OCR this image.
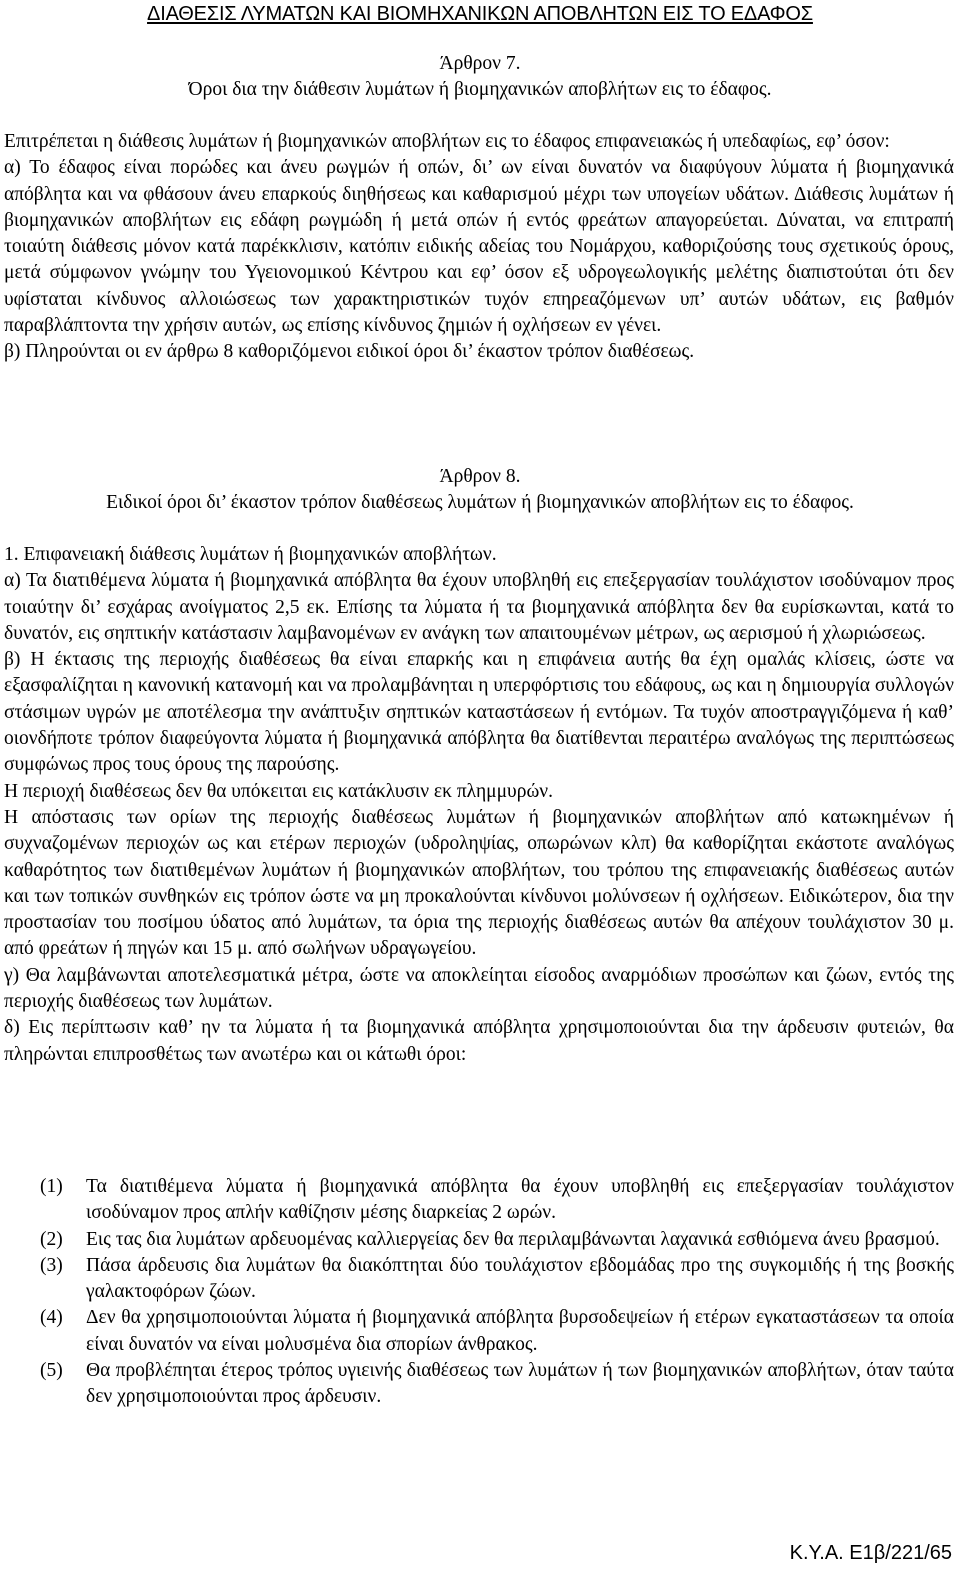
ΔΙΑΘΕΣΙΣ ΛΥΜΑΤΩΝ ΚΑΙ ΒΙΟΜΗΧΑΝΙΚΩΝ ΑΠΟΒΛΗΤΩΝ ΕΙΣ ΤΟ ΕΔΑΦΟΣ
Άρθρον 7.
Όροι δια την διάθεσιν λυμάτων ή βιομηχανικών αποβλήτων εις το έδαφος.

Επιτρέπεται η διάθεσις λυμάτων ή βιομηχανικών αποβλήτων εις το έδαφος επιφανειακώς ή υπεδαφίως, εφ’ όσον:

α) Το έδαφος είναι πορώδες και άνευ ρωγμών ή οπών, δι’ ων είναι δυνατόν να διαφύγουν λύματα ή βιομηχανικά απόβλητα και να φθάσουν άνευ επαρκούς διηθήσεως και καθαρισμού μέχρι των υπογείων υδάτων. Διάθεσις λυμάτων ή βιομηχανικών αποβλήτων εις εδάφη ρωγμώδη ή μετά οπών ή εντός φρεάτων απαγορεύεται. Δύναται, να επιτραπή τοιαύτη διάθεσις μόνον κατά παρέκκλισιν, κατόπιν ειδικής αδείας του Νομάρχου, καθοριζούσης τους σχετικούς όρους, μετά σύμφωνον γνώμην του Υγειονομικού Κέντρου και εφ’ όσον εξ υδρογεωλογικής μελέτης διαπιστούται ότι δεν υφίσταται κίνδυνος αλλοιώσεως των χαρακτηριστικών τυχόν επηρεαζόμενων υπ’ αυτών υδάτων, εις βαθμόν παραβλάπτοντα την χρήσιν αυτών, ως επίσης κίνδυνος ζημιών ή οχλήσεων εν γένει.

β) Πληρούνται οι εν άρθρω 8 καθοριζόμενοι ειδικοί όροι δι’ έκαστον τρόπον διαθέσεως.

Άρθρον 8.
Ειδικοί όροι δι’ έκαστον τρόπον διαθέσεως λυμάτων ή βιομηχανικών αποβλήτων εις το έδαφος.

1. Επιφανειακή διάθεσις λυμάτων ή βιομηχανικών αποβλήτων.

α) Τα διατιθέμενα λύματα ή βιομηχανικά απόβλητα θα έχουν υποβληθή εις επεξεργασίαν τουλάχιστον ισοδύναμον προς τοιαύτην δι’ εσχάρας ανοίγματος 2,5 εκ. Επίσης τα λύματα ή τα βιομηχανικά απόβλητα δεν θα ευρίσκωνται, κατά το δυνατόν, εις σηπτικήν κατάστασιν λαμβανομένων εν ανάγκη των απαιτουμένων μέτρων, ως αερισμού ή χλωριώσεως.

β) Η έκτασις της περιοχής διαθέσεως θα είναι επαρκής και η επιφάνεια αυτής θα έχη ομαλάς κλίσεις, ώστε να εξασφαλίζηται η κανονική κατανομή και να προλαμβάνηται η υπερφόρτισις του εδάφους, ως και η δημιουργία συλλογών στάσιμων υγρών με αποτέλεσμα την ανάπτυξιν σηπτικών καταστάσεων ή εντόμων. Τα τυχόν αποστραγγιζόμενα ή καθ’ οιονδήποτε τρόπον διαφεύγοντα λύματα ή βιομηχανικά απόβλητα θα διατίθενται περαιτέρω αναλόγως της περιπτώσεως συμφώνως προς τους όρους της παρούσης.

Η περιοχή διαθέσεως δεν θα υπόκειται εις κατάκλυσιν εκ πλημμυρών.

Η απόστασις των ορίων της περιοχής διαθέσεως λυμάτων ή βιομηχανικών αποβλήτων από κατωκημένων ή συχναζομένων περιοχών ως και ετέρων περιοχών (υδροληψίας, οπωρώνων κλπ) θα καθορίζηται εκάστοτε αναλόγως καθαρότητος των διατιθεμένων λυμάτων ή βιομηχανικών αποβλήτων, του τρόπου της επιφανειακής διαθέσεως αυτών και των τοπικών συνθηκών εις τρόπον ώστε να μη προκαλούνται κίνδυνοι μολύνσεων ή οχλήσεων. Ειδικώτερον, δια την προστασίαν του ποσίμου ύδατος από λυμάτων, τα όρια της περιοχής διαθέσεως αυτών θα απέχουν τουλάχιστον 30 μ. από φρεάτων ή πηγών και 15 μ. από σωλήνων υδραγωγείου.

γ) Θα λαμβάνωνται αποτελεσματικά μέτρα, ώστε να αποκλείηται είσοδος αναρμόδιων προσώπων και ζώων, εντός της περιοχής διαθέσεως των λυμάτων.

δ) Εις περίπτωσιν καθ’ ην τα λύματα ή τα βιομηχανικά απόβλητα χρησιμοποιούνται δια την άρδευσιν φυτειών, θα πληρώνται επιπροσθέτως των ανωτέρω και οι κάτωθι όροι:

(1)	Τα διατιθέμενα λύματα ή βιομηχανικά απόβλητα θα έχουν υποβληθή εις επεξεργασίαν τουλάχιστον ισοδύναμον προς απλήν καθίζησιν μέσης διαρκείας 2 ωρών.
(2)	Εις τας δια λυμάτων αρδευομένας καλλιεργείας δεν θα περιλαμβάνωνται λαχανικά εσθιόμενα άνευ βρασμού.
(3)	Πάσα άρδευσις δια λυμάτων θα διακόπτηται δύο τουλάχιστον εβδομάδας προ της συγκομιδής ή της βοσκής γαλακτοφόρων ζώων.
(4)	Δεν θα χρησιμοποιούνται λύματα ή βιομηχανικά απόβλητα βυρσοδεψείων ή ετέρων εγκαταστάσεων τα οποία είναι δυνατόν να είναι μολυσμένα δια σπορίων άνθρακος.
(5)	Θα προβλέπηται έτερος τρόπος υγιεινής διαθέσεως των λυμάτων ή των βιομηχανικών αποβλήτων, όταν ταύτα δεν χρησιμοποιούνται προς άρδευσιν.
Κ.Υ.Α. Ε1β/221/65
